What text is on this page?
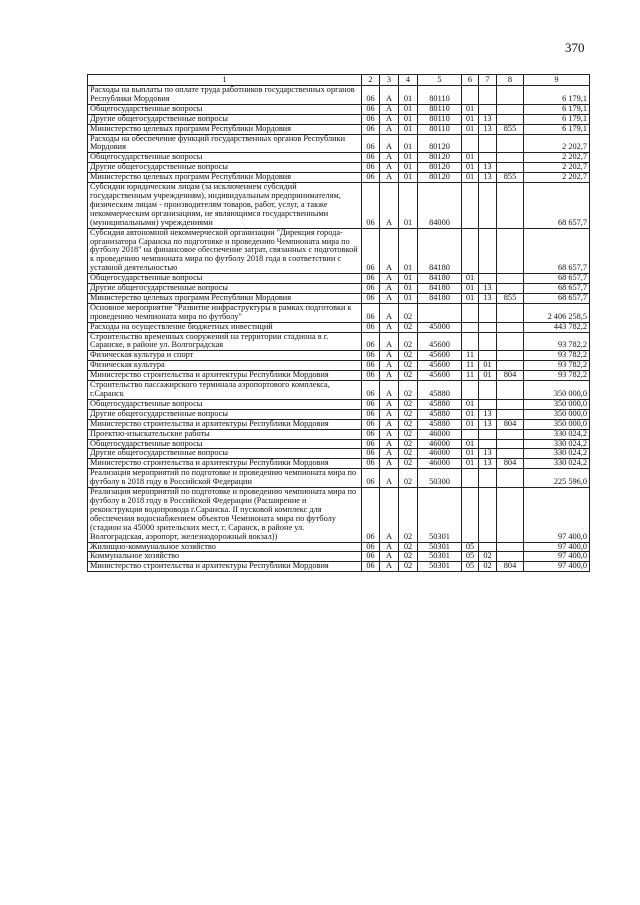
370
1	2	3	4	5	6	7	8	9
Расходы на выплаты по оплате труда работников государственных органов Республики Мордовия	06	А	01	80110				6 179,1
Общегосударственные вопросы	06	А	01	80110	01			6 179,1
Другие общегосударственные вопросы	06	А	01	80110	01	13		6 179,1
Министерство целевых программ Республики Мордовия	06	А	01	80110	01	13	855	6 179,1
Расходы на обеспечение функций государственных органов Республики Мордовия	06	А	01	80120				2 202,7
Общегосударственные вопросы	06	А	01	80120	01			2 202,7
Другие общегосударственные вопросы	06	А	01	80120	01	13		2 202,7
Министерство целевых программ Республики Мордовия	06	А	01	80120	01	13	855	2 202,7
Субсидии юридическим лицам (за исключением субсидий государственным учреждениям), индивидуальным предпринимателям, физическим лицам - производителям товаров, работ, услуг, а также некоммерческим организациям, не являющимся государственными (муниципальными) учреждениями	06	А	01	84000				68 657,7
Субсидия автономной некоммерческой организации "Дирекция города-организатора Саранска по подготовке и проведению Чемпионата мира по футболу 2018" на финансовое обеспечение затрат, связанных с подготовкой к проведению чемпионата мира по футболу 2018 года в соответствии с уставной деятельностью	06	А	01	84180				68 657,7
Общегосударственные вопросы	06	А	01	84180	01			68 657,7
Другие общегосударственные вопросы	06	А	01	84180	01	13		68 657,7
Министерство целевых программ Республики Мордовия	06	А	01	84180	01	13	855	68 657,7
Основное мероприятие "Развитие инфраструктуры в рамках подготовки к проведению чемпионата мира по футболу"	06	А	02					2 406 258,5
Расходы на осуществление бюджетных инвестиций	06	А	02	45000				443 782,2
Строительство временных сооружений на территории стадиона в г. Саранске, в районе ул. Волгоградская	06	А	02	45600				93 782,2
Физическая культура и спорт	06	А	02	45600	11			93 782,2
Физическая культура	06	А	02	45600	11	01		93 782,2
Министерство строительства и архитектуры Республики Мордовия	06	А	02	45600	11	01	804	93 782,2
Строительство пассажирского терминала аэропортового комплекса, г.Саранск	06	А	02	45880				350 000,0
Общегосударственные вопросы	06	А	02	45880	01			350 000,0
Другие общегосударственные вопросы	06	А	02	45880	01	13		350 000,0
Министерство строительства и архитектуры Республики Мордовия	06	А	02	45880	01	13	804	350 000,0
Проектно-изыскательские работы	06	А	02	46000				330 024,2
Общегосударственные вопросы	06	А	02	46000	01			330 024,2
Другие общегосударственные вопросы	06	А	02	46000	01	13		330 024,2
Министерство строительства и архитектуры Республики Мордовия	06	А	02	46000	01	13	804	330 024,2
Реализация мероприятий по подготовке и проведению чемпионата мира по футболу в 2018 году в Российской Федерации	06	А	02	50300				225 596,0
Реализация мероприятий по подготовке и проведению чемпионата мира по футболу в 2018 году в Российской Федерации (Расширение и реконструкция водопровода г.Саранска. II пусковой комплекс для обеспечения водоснабжением объектов Чемпионата мира по футболу (стадион на 45000 зрительских мест, г. Саранск, в районе ул. Волгоградская, аэропорт, железнодорожный вокзал))	06	А	02	50301				97 400,0
Жилищно-коммунальное хозяйство	06	А	02	50301	05			97 400,0
Коммунальное хозяйство	06	А	02	50301	05	02		97 400,0
Министерство строительства и архитектуры Республики Мордовия	06	А	02	50301	05	02	804	97 400,0
